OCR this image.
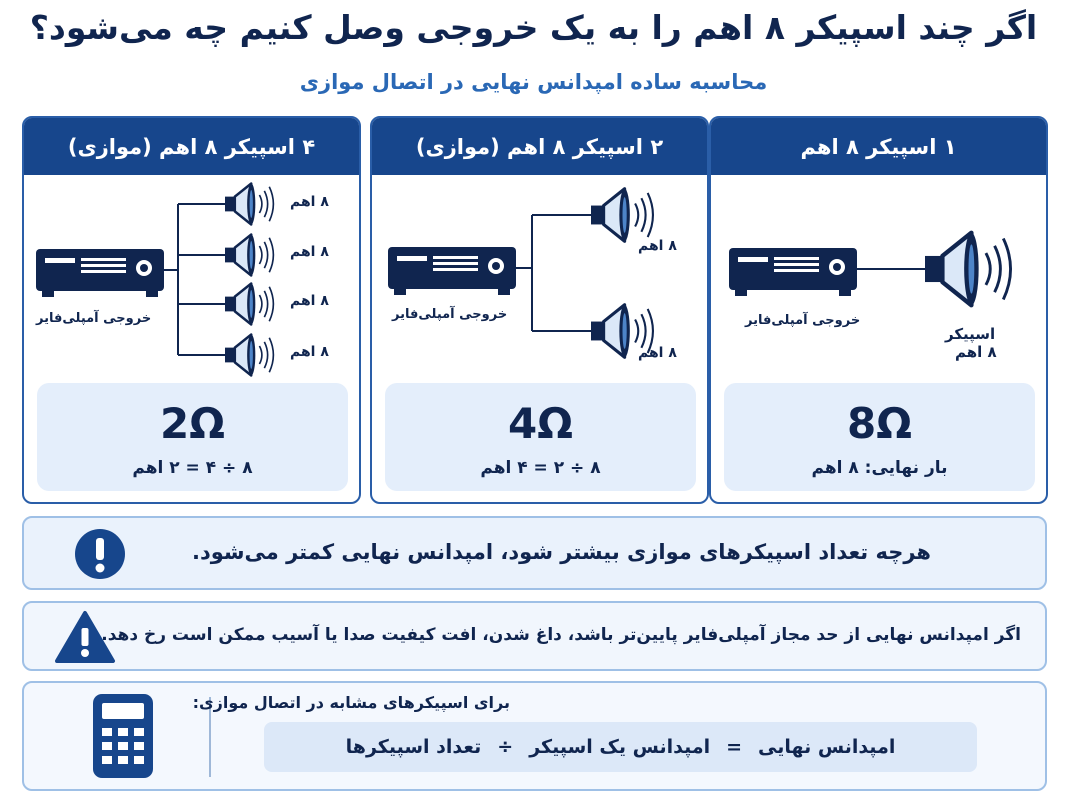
اگر چند اسپیکر ۸ اهم را به یک خروجی وصل کنیم چه می‌شود؟
محاسبه ساده امپدانس نهایی در اتصال موازی
۱ اسپیکر ۸ اهم
خروجی آمپلی‌فایر
اسپیکر
۸ اهم
8Ω
بار نهایی: ۸ اهم
۲ اسپیکر ۸ اهم (موازی)
خروجی آمپلی‌فایر
۸ اهم
۸ اهم
4Ω
۸ ÷ ۲ = ۴ اهم
۴ اسپیکر ۸ اهم (موازی)
خروجی آمپلی‌فایر
۸ اهم
۸ اهم
۸ اهم
۸ اهم
2Ω
۸ ÷ ۴ = ۲ اهم
هرچه تعداد اسپیکرهای موازی بیشتر شود، امپدانس نهایی کمتر می‌شود.
اگر امپدانس نهایی از حد مجاز آمپلی‌فایر پایین‌تر باشد، داغ شدن، افت کیفیت صدا یا آسیب ممکن است رخ دهد.
برای اسپیکرهای مشابه در اتصال موازی:
امپدانس نهایی
=
امپدانس یک اسپیکر
÷
تعداد اسپیکرها
